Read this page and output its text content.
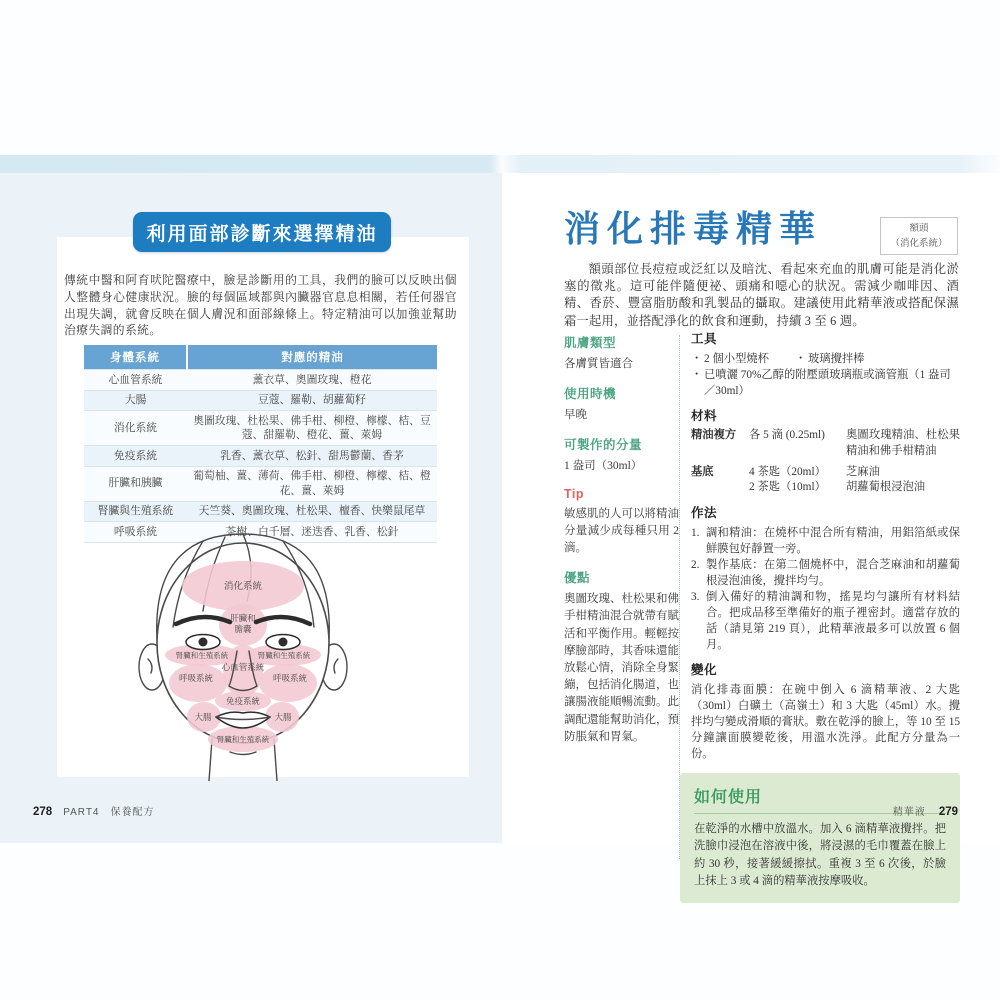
利用面部診斷來選擇精油

傳統中醫和阿育吠陀醫療中，臉是診斷用的工具，我們的臉可以反映出個人整體身心健康狀況。臉的每個區域都與內臟器官息息相關，若任何器官出現失調，就會反映在個人膚況和面部線條上。特定精油可以加強並幫助治療失調的系統。

身體系統	對應的精油
心血管系統	薰衣草、奧圖玫瑰、橙花
大腸	豆蔻、羅勒、胡蘿蔔籽
消化系統	奧圖玫瑰、杜松果、佛手柑、柳橙、檸檬、桔、豆蔻、甜羅勒、橙花、薑、萊姆
免疫系統	乳香、薰衣草、松針、甜馬鬱蘭、香茅
肝臟和胰臟	葡萄柚、薑、薄荷、佛手柑、柳橙、檸檬、桔、橙花、薑、萊姆
腎臟與生殖系統	天竺葵、奧圖玫瑰、杜松果、檀香、快樂鼠尾草
呼吸系統	茶樹、白千層、迷迭香、乳香、松針
消化系統
肝臟和
膽囊
腎臟和生殖系統	腎臟和生殖系統
心血管系統
呼吸系統	呼吸系統
免疫系統
大腸	大腸
腎臟和生殖系統
278 PART4 保養配方
消化排毒精華	額頭
（消化系統）

額頭部位長痘痘或泛紅以及暗沈、看起來充血的肌膚可能是消化淤塞的徵兆。這可能伴隨便祕、頭痛和噁心的狀況。需減少咖啡因、酒精、香菸、豐富脂肪酸和乳製品的攝取。建議使用此精華液或搭配保濕霜一起用，並搭配淨化的飲食和運動，持續 3 至 6 週。

肌膚類型

各膚質皆適合

使用時機

早晚

可製作的分量

1 盎司（30ml）

Tip

敏感肌的人可以將精油分量減少成每種只用 2 滴。

優點

奧圖玫瑰、杜松果和佛手柑精油混合就帶有賦活和平衡作用。輕輕按摩臉部時，其香味還能放鬆心情，消除全身緊繃，包括消化腸道，也讓腸液能順暢流動。此調配還能幫助消化，預防脹氣和胃氣。

工具
・ 2 個小型燒杯	・ 玻璃攪拌棒
・ 已噴灑 70%乙醇的附壓頭玻璃瓶或滴管瓶（1 盎司／30ml）
材料
精油複方	各 5 滴 (0.25ml)	奧圖玫瑰精油、杜松果精油和佛手柑精油
基底	4 茶匙（20ml）	芝麻油
2 茶匙（10ml）	胡蘿蔔根浸泡油
作法
1. 調和精油：在燒杯中混合所有精油，用鋁箔紙或保鮮膜包好靜置一旁。
2. 製作基底：在第二個燒杯中，混合芝麻油和胡蘿蔔根浸泡油後，攪拌均勻。
3. 倒入備好的精油調和物，搖晃均勻讓所有材料結合。把成品移至準備好的瓶子裡密封。適當存放的話（請見第 219 頁），此精華液最多可以放置 6 個月。
變化

消化排毒面膜：在碗中倒入 6 滴精華液、2 大匙（30ml）白礦土（高嶺土）和 3 大匙（45ml）水。攪拌均勻變成滑順的膏狀。敷在乾淨的臉上，等 10 至 15 分鐘讓面膜變乾後，用溫水洗淨。此配方分量為一份。

如何使用

在乾淨的水槽中放溫水。加入 6 滴精華液攪拌。把洗臉巾浸泡在溶液中後，將浸濕的毛巾覆蓋在臉上約 30 秒，接著緩緩擦拭。重複 3 至 6 次後，於臉上抹上 3 或 4 滴的精華液按摩吸收。

精華液 279
